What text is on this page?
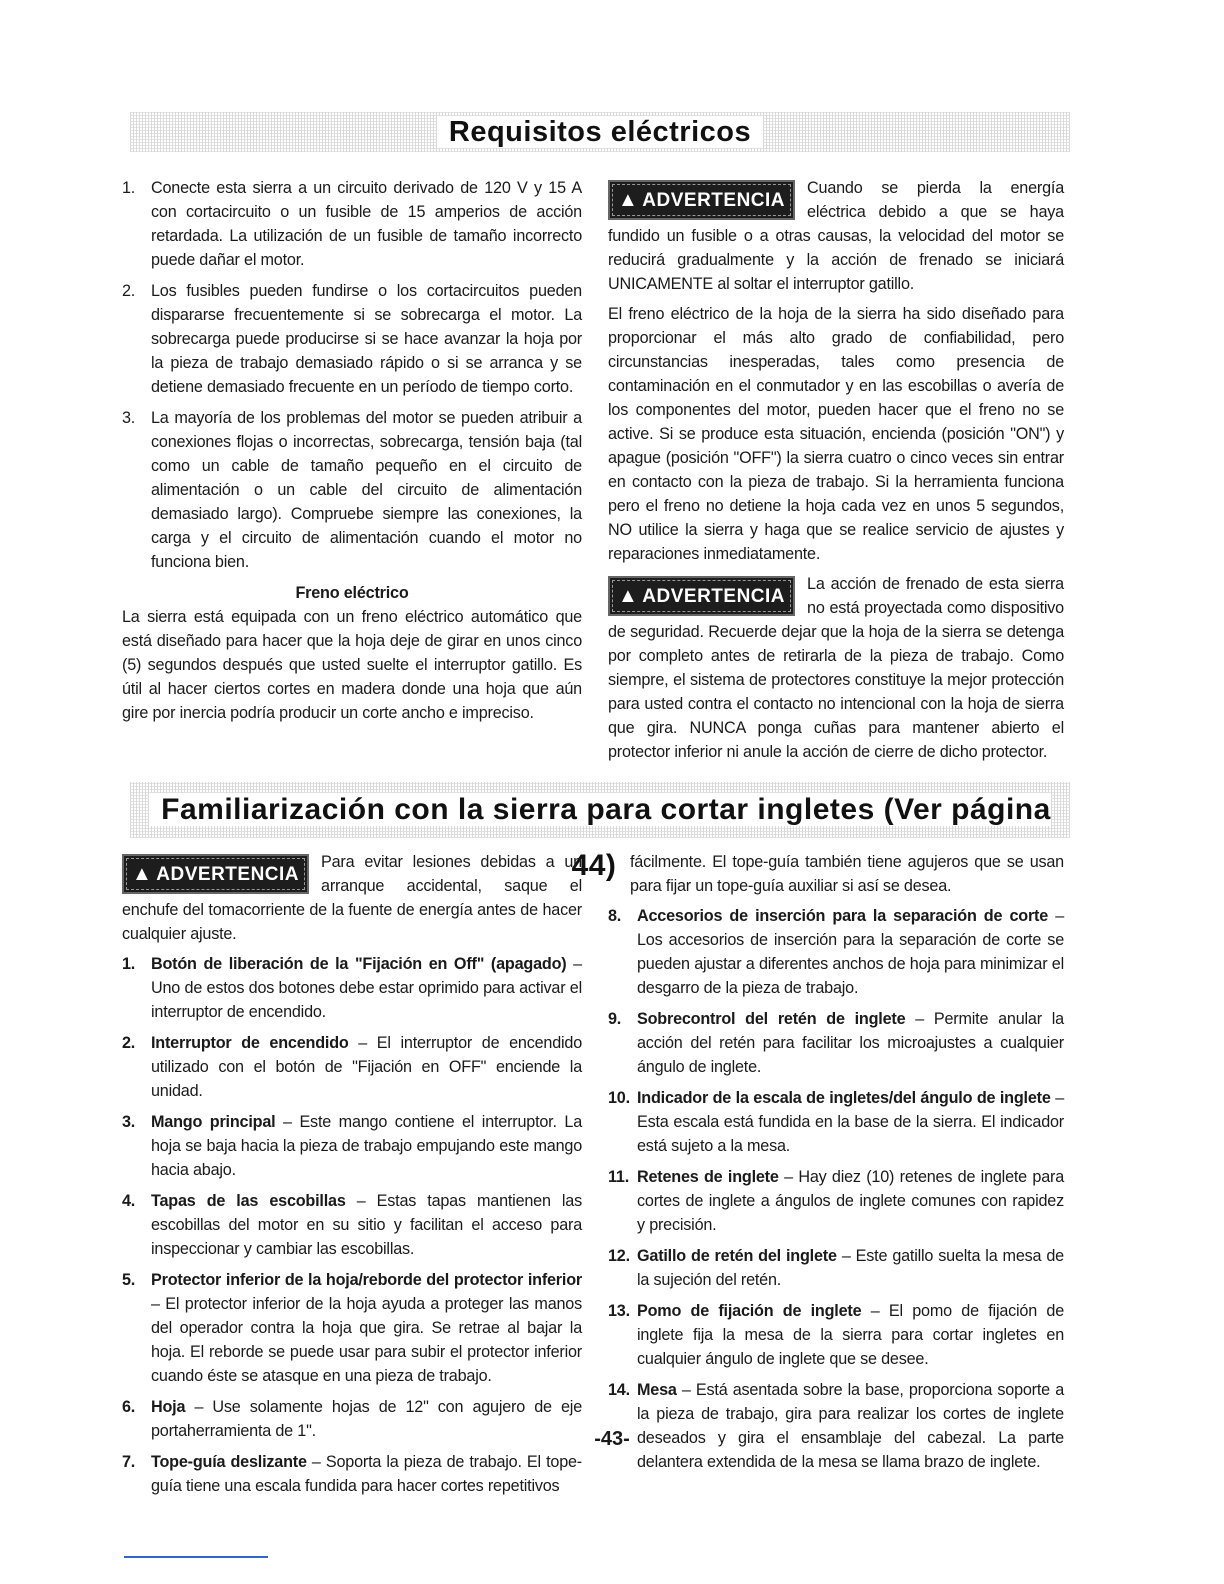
Requisitos eléctricos
1. Conecte esta sierra a un circuito derivado de 120 V y 15 A con cortacircuito o un fusible de 15 amperios de acción retardada. La utilización de un fusible de tamaño incorrecto puede dañar el motor.
2. Los fusibles pueden fundirse o los cortacircuitos pueden dispararse frecuentemente si se sobrecarga el motor. La sobrecarga puede producirse si se hace avanzar la hoja por la pieza de trabajo demasiado rápido o si se arranca y se detiene demasiado frecuente en un período de tiempo corto.
3. La mayoría de los problemas del motor se pueden atribuir a conexiones flojas o incorrectas, sobrecarga, tensión baja (tal como un cable de tamaño pequeño en el circuito de alimentación o un cable del circuito de alimentación demasiado largo). Compruebe siempre las conexiones, la carga y el circuito de alimentación cuando el motor no funciona bien.
Freno eléctrico

La sierra está equipada con un freno eléctrico automático que está diseñado para hacer que la hoja deje de girar en unos cinco (5) segundos después que usted suelte el interruptor gatillo. Es útil al hacer ciertos cortes en madera donde una hoja que aún gire por inercia podría producir un corte ancho e impreciso.

▲ ADVERTENCIA
Cuando se pierda la energía eléctrica debido a que se haya fundido un fusible o a otras causas, la velocidad del motor se reducirá gradualmente y la acción de frenado se iniciará UNICAMENTE al soltar el interruptor gatillo.

El freno eléctrico de la hoja de la sierra ha sido diseñado para proporcionar el más alto grado de confiabilidad, pero circunstancias inesperadas, tales como presencia de contaminación en el conmutador y en las escobillas o avería de los componentes del motor, pueden hacer que el freno no se active. Si se produce esta situación, encienda (posición "ON") y apague (posición "OFF") la sierra cuatro o cinco veces sin entrar en contacto con la pieza de trabajo. Si la herramienta funciona pero el freno no detiene la hoja cada vez en unos 5 segundos, NO utilice la sierra y haga que se realice servicio de ajustes y reparaciones inmediatamente.

▲ ADVERTENCIA
La acción de frenado de esta sierra no está proyectada como dispositivo de seguridad. Recuerde dejar que la hoja de la sierra se detenga por completo antes de retirarla de la pieza de trabajo. Como siempre, el sistema de protectores constituye la mejor protección para usted contra el contacto no intencional con la hoja de sierra que gira. NUNCA ponga cuñas para mantener abierto el protector inferior ni anule la acción de cierre de dicho protector.

Familiarización con la sierra para cortar ingletes (Ver página 44)

▲ ADVERTENCIA
Para evitar lesiones debidas a un arranque accidental, saque el enchufe del tomacorriente de la fuente de energía antes de hacer cualquier ajuste.

1. Botón de liberación de la "Fijación en Off" (apagado) – Uno de estos dos botones debe estar oprimido para activar el interruptor de encendido.
2. Interruptor de encendido – El interruptor de encendido utilizado con el botón de "Fijación en OFF" enciende la unidad.
3. Mango principal – Este mango contiene el interruptor. La hoja se baja hacia la pieza de trabajo empujando este mango hacia abajo.
4. Tapas de las escobillas – Estas tapas mantienen las escobillas del motor en su sitio y facilitan el acceso para inspeccionar y cambiar las escobillas.
5. Protector inferior de la hoja/reborde del protector inferior – El protector inferior de la hoja ayuda a proteger las manos del operador contra la hoja que gira. Se retrae al bajar la hoja. El reborde se puede usar para subir el protector inferior cuando éste se atasque en una pieza de trabajo.
6. Hoja – Use solamente hojas de 12" con agujero de eje portaherramienta de 1".
7. Tope-guía deslizante – Soporta la pieza de trabajo. El tope-guía tiene una escala fundida para hacer cortes repetitivos

fácilmente. El tope-guía también tiene agujeros que se usan para fijar un tope-guía auxiliar si así se desea.

8. Accesorios de inserción para la separación de corte – Los accesorios de inserción para la separación de corte se pueden ajustar a diferentes anchos de hoja para minimizar el desgarro de la pieza de trabajo.
9. Sobrecontrol del retén de inglete – Permite anular la acción del retén para facilitar los microajustes a cualquier ángulo de inglete.
10. Indicador de la escala de ingletes/del ángulo de inglete – Esta escala está fundida en la base de la sierra. El indicador está sujeto a la mesa.
11. Retenes de inglete – Hay diez (10) retenes de inglete para cortes de inglete a ángulos de inglete comunes con rapidez y precisión.
12. Gatillo de retén del inglete – Este gatillo suelta la mesa de la sujeción del retén.
13. Pomo de fijación de inglete – El pomo de fijación de inglete fija la mesa de la sierra para cortar ingletes en cualquier ángulo de inglete que se desee.
14. Mesa – Está asentada sobre la base, proporciona soporte a la pieza de trabajo, gira para realizar los cortes de inglete deseados y gira el ensamblaje del cabezal. La parte delantera extendida de la mesa se llama brazo de inglete.
-43-
